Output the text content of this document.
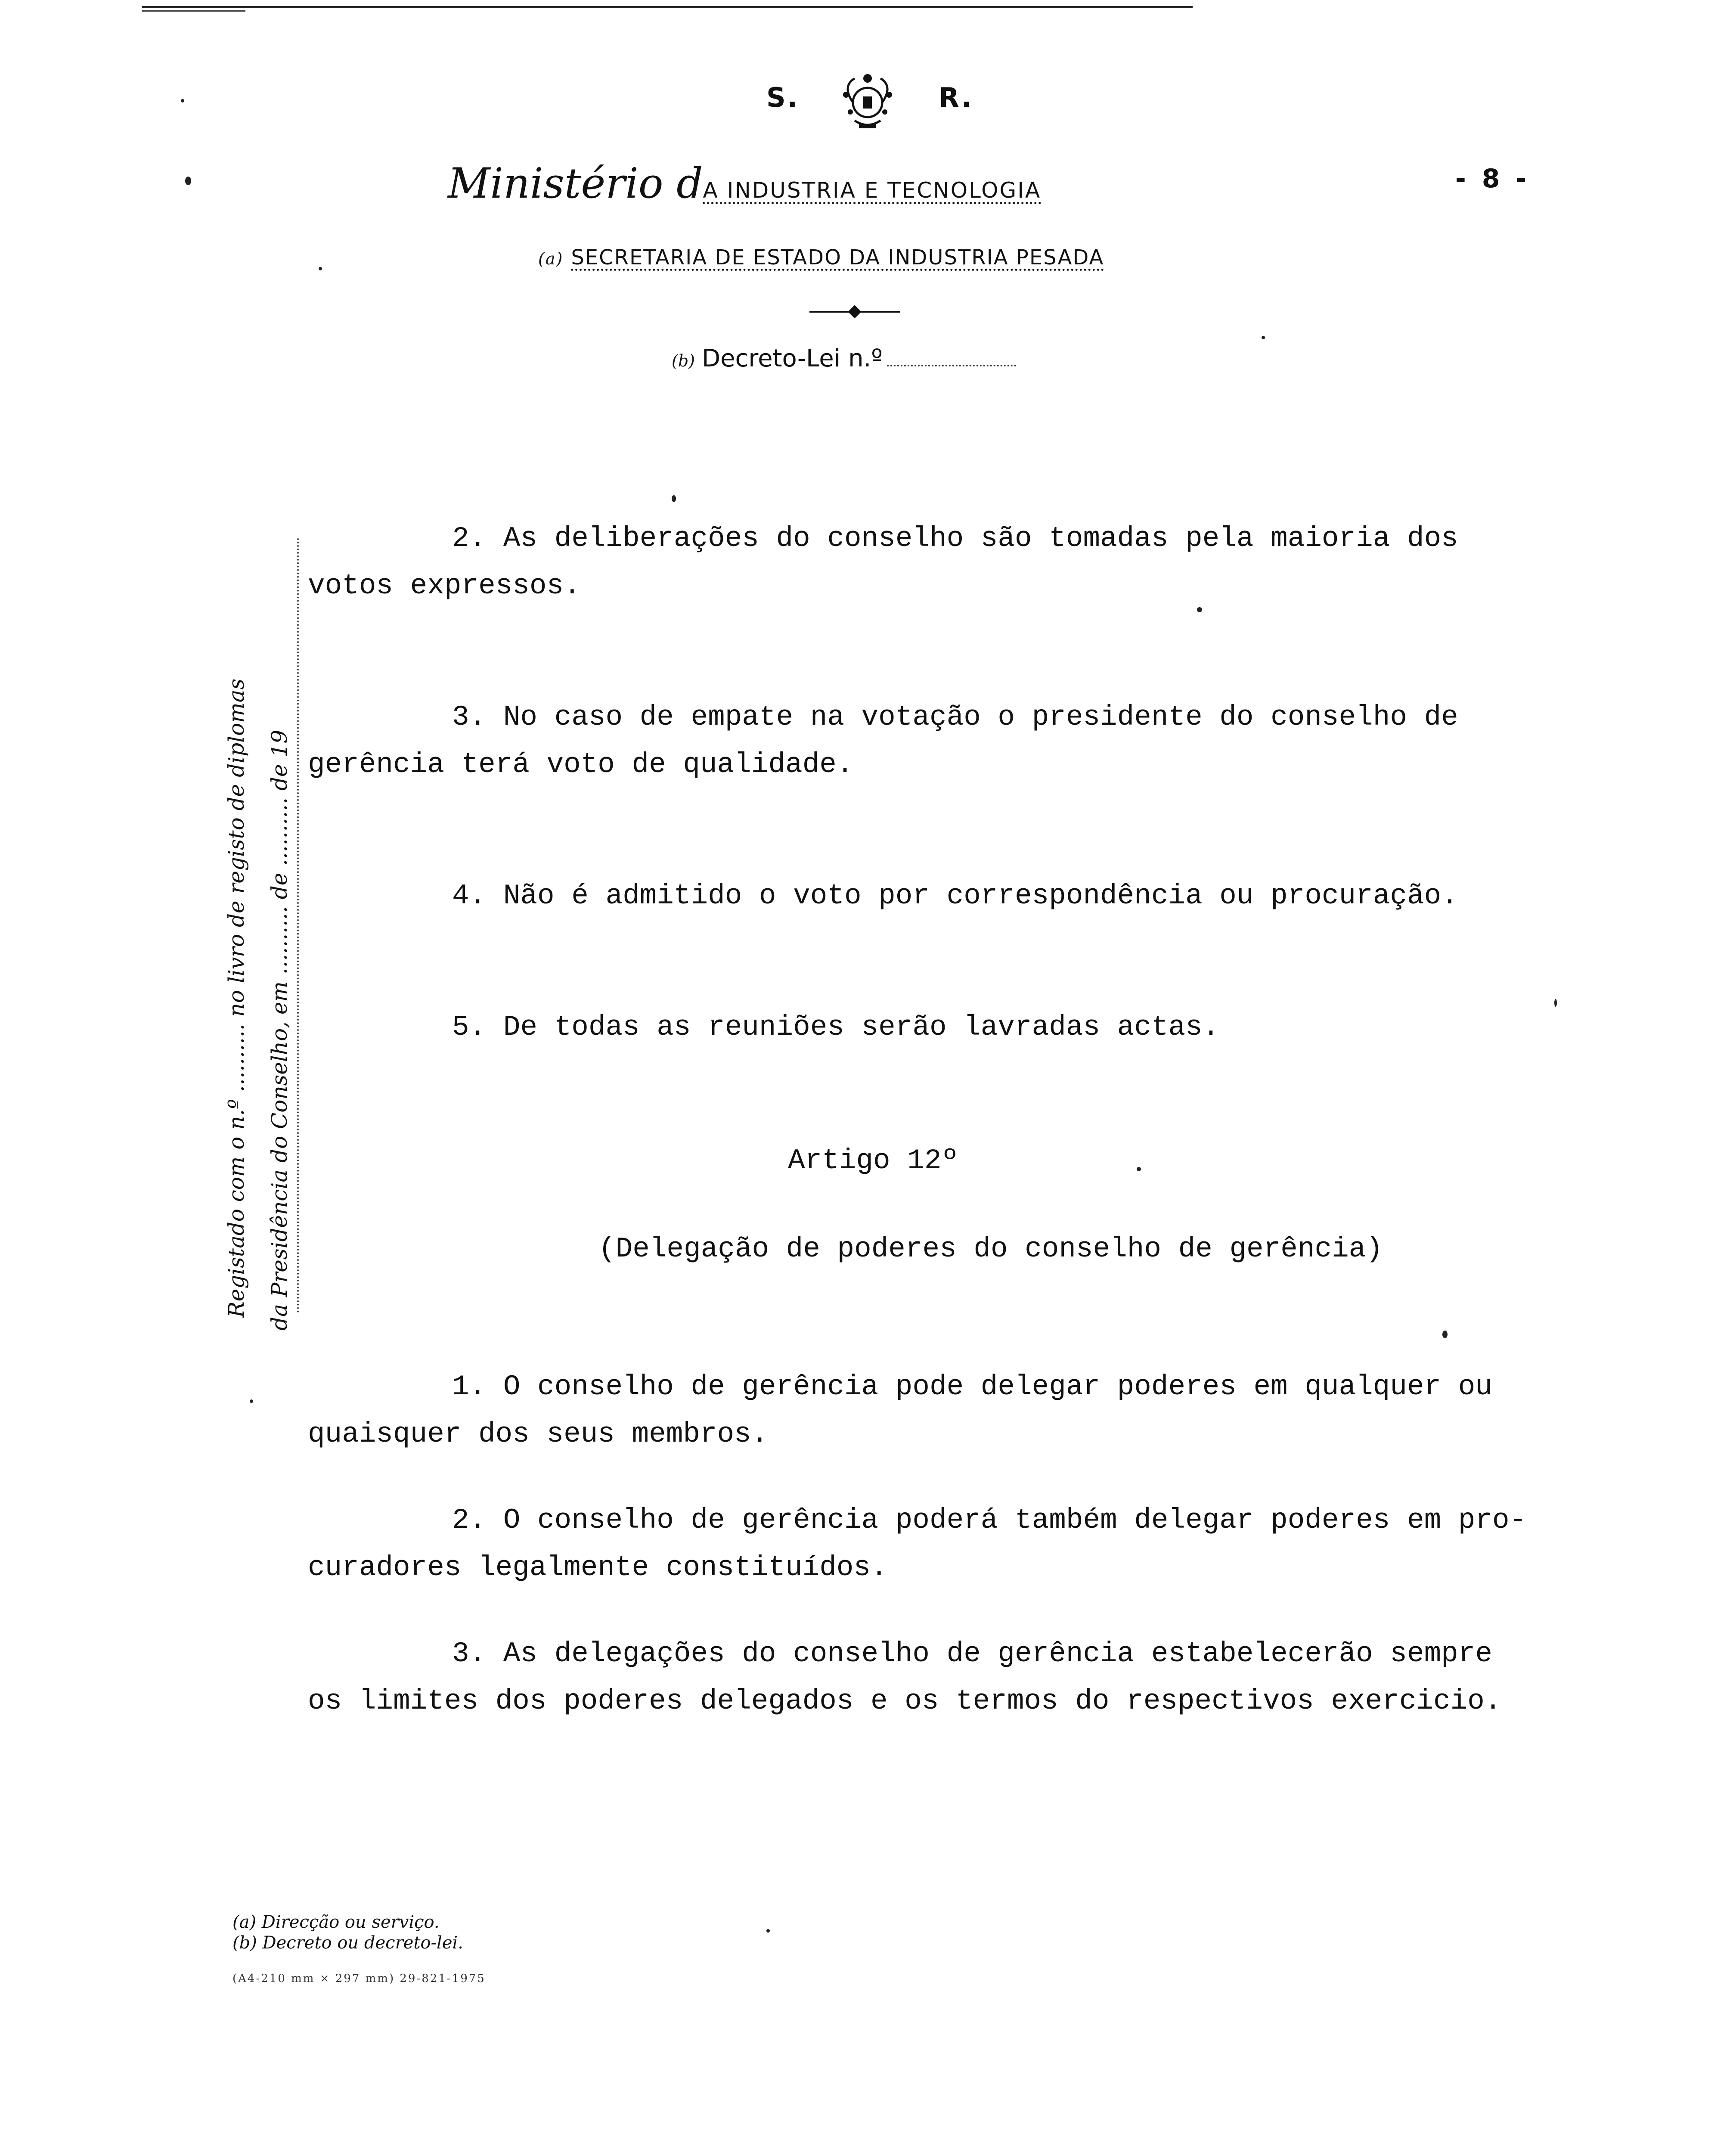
S.	R.
Ministério dA INDUSTRIA E TECNOLOGIA	- 8 -
(a) SECRETARIA DE ESTADO DA INDUSTRIA PESADA
(b) Decreto-Lei n.º
Registado com o n.º .......... no livro de registo de diplomas da Presidência do Conselho, em .......... de .......... de 19
2. As deliberações do conselho são tomadas pela maioria dos
votos expressos.
3. No caso de empate na votação o presidente do conselho de
gerência terá voto de qualidade.
4. Não é admitido o voto por correspondência ou procuração.
5. De todas as reuniões serão lavradas actas.
Artigo 12º
(Delegação de poderes do conselho de gerência)
1. O conselho de gerência pode delegar poderes em qualquer ou
quaisquer dos seus membros.
2. O conselho de gerência poderá também delegar poderes em pro-
curadores legalmente constituídos.
3. As delegações do conselho de gerência estabelecerão sempre
os limites dos poderes delegados e os termos do respectivos exercicio.
(a) Direcção ou serviço.
(b) Decreto ou decreto-lei.
(A4-210 mm × 297 mm) 29-821-1975
